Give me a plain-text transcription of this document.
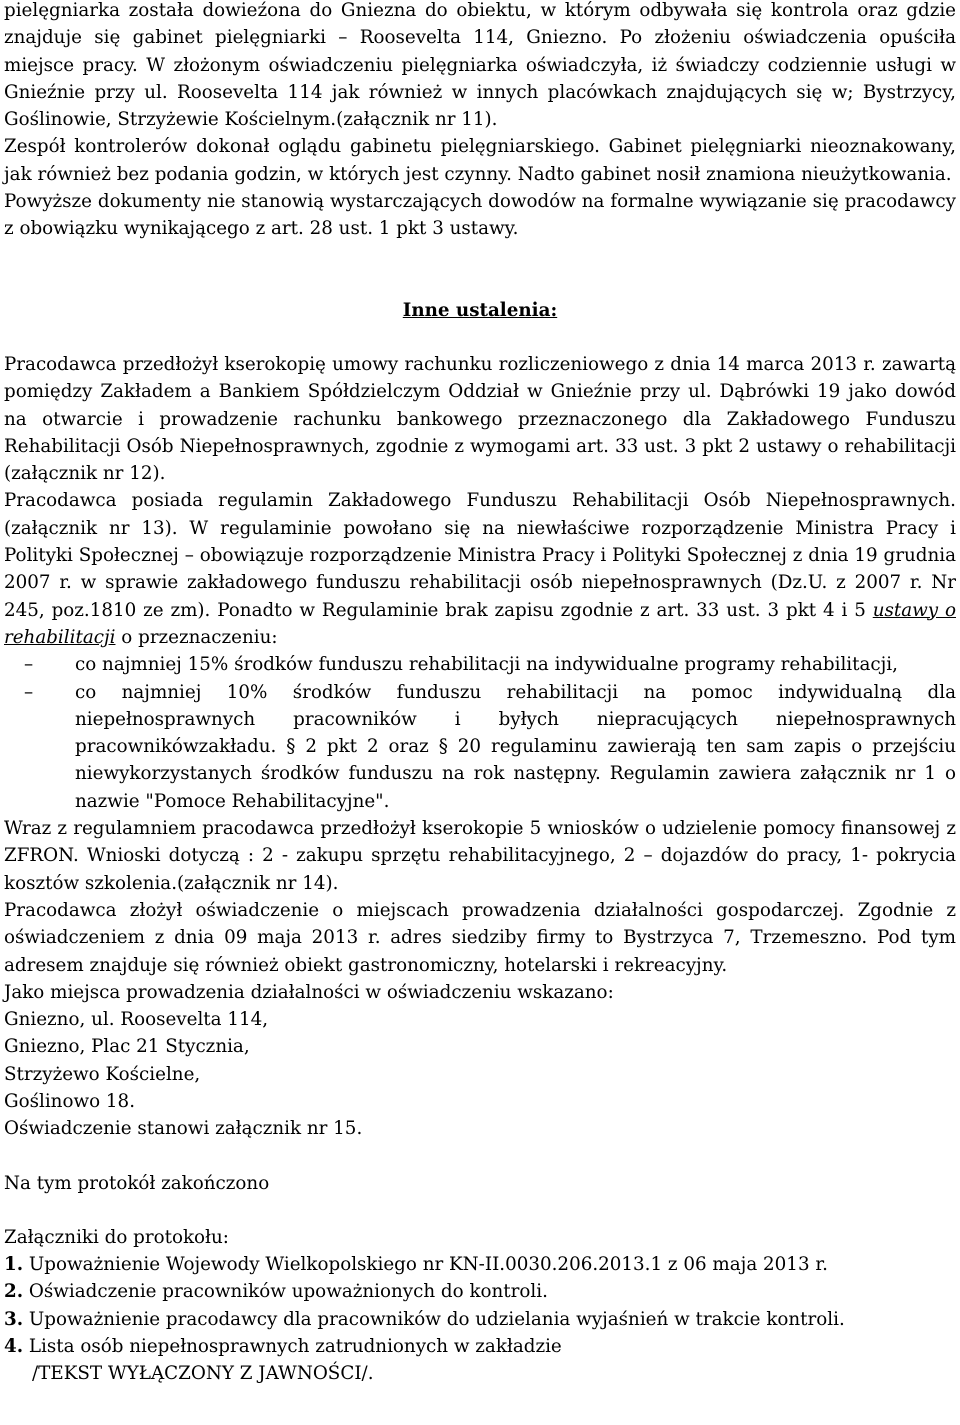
pielęgniarka została dowieźona do Gniezna do obiektu, w którym odbywała się kontrola oraz gdzie znajduje się gabinet pielęgniarki – Roosevelta 114, Gniezno. Po złożeniu oświadczenia opuściła miejsce pracy. W złożonym oświadczeniu pielęgniarka oświadczyła, iż świadczy codziennie usługi w Gnieźnie przy ul. Roosevelta 114 jak również w innych placówkach znajdujących się w; Bystrzycy, Goślinowie, Strzyżewie Kościelnym.(załącznik nr 11).

Zespół kontrolerów dokonał oglądu gabinetu pielęgniarskiego. Gabinet pielęgniarki nieoznakowany, jak również bez podania godzin, w których jest czynny. Nadto gabinet nosił znamiona nieużytkowania.

Powyższe dokumenty nie stanowią wystarczających dowodów na formalne wywiązanie się pracodawcy z obowiązku wynikającego z art. 28 ust. 1 pkt 3 ustawy.

Inne ustalenia:

Pracodawca przedłożył kserokopię umowy rachunku rozliczeniowego z dnia 14 marca 2013 r. zawartą pomiędzy Zakładem a Bankiem Spółdzielczym Oddział w Gnieźnie przy ul. Dąbrówki 19 jako dowód na otwarcie i prowadzenie rachunku bankowego przeznaczonego dla Zakładowego Funduszu Rehabilitacji Osób Niepełnosprawnych, zgodnie z wymogami art. 33 ust. 3 pkt 2 ustawy o rehabilitacji (załącznik nr 12).

Pracodawca posiada regulamin Zakładowego Funduszu Rehabilitacji Osób Niepełnosprawnych. (załącznik nr 13). W regulaminie powołano się na niewłaściwe rozporządzenie Ministra Pracy i Polityki Społecznej – obowiązuje rozporządzenie Ministra Pracy i Polityki Społecznej z dnia 19 grudnia 2007 r. w sprawie zakładowego funduszu rehabilitacji osób niepełnosprawnych (Dz.U. z 2007 r. Nr 245, poz.1810 ze zm). Ponadto w Regulaminie brak zapisu zgodnie z art. 33 ust. 3 pkt 4 i 5 ustawy o rehabilitacji o przeznaczeniu:

– co najmniej 15% środków funduszu rehabilitacji na indywidualne programy rehabilitacji,
– co najmniej 10% środków funduszu rehabilitacji na pomoc indywidualną dla niepełnosprawnych pracowników i byłych niepracujących niepełnosprawnych pracownikówzakładu. § 2 pkt 2 oraz § 20 regulaminu zawierają ten sam zapis o przejściu niewykorzystanych środków funduszu na rok następny. Regulamin zawiera załącznik nr 1 o nazwie "Pomoce Rehabilitacyjne".

Wraz z regulamniem pracodawca przedłożył kserokopie 5 wniosków o udzielenie pomocy finansowej z ZFRON. Wnioski dotyczą : 2 - zakupu sprzętu rehabilitacyjnego, 2 – dojazdów do pracy, 1- pokrycia kosztów szkolenia.(załącznik nr 14).

Pracodawca złożył oświadczenie o miejscach prowadzenia działalności gospodarczej. Zgodnie z oświadczeniem z dnia 09 maja 2013 r. adres siedziby firmy to Bystrzyca 7, Trzemeszno. Pod tym adresem znajduje się również obiekt gastronomiczny, hotelarski i rekreacyjny.

Jako miejsca prowadzenia działalności w oświadczeniu wskazano:

Gniezno, ul. Roosevelta 114,

Gniezno, Plac 21 Stycznia,

Strzyżewo Kościelne,

Goślinowo 18.

Oświadczenie stanowi załącznik nr 15.

Na tym protokół zakończono

Załączniki do protokołu:

1. Upoważnienie Wojewody Wielkopolskiego nr KN-II.0030.206.2013.1 z 06 maja 2013 r.

2. Oświadczenie pracowników upoważnionych do kontroli.

3. Upoważnienie pracodawcy dla pracowników do udzielania wyjaśnień w trakcie kontroli.

4. Lista osób niepełnosprawnych zatrudnionych w zakładzie

/TEKST WYŁĄCZONY Z JAWNOŚCI/.
